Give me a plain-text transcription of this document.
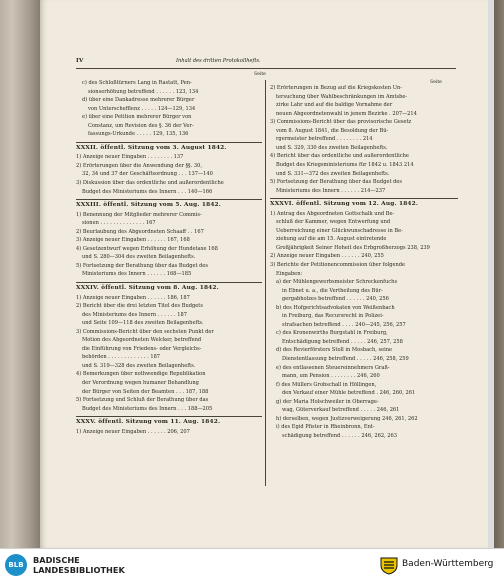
IV	Inhalt des dritten Protokollhefts.
Seite
Seite
c) des Schloßtürners Lang in Rastatt, Pen-
sionserhöhung betreffend . . . . . . 123, 134
d) über eine Dankadresse mehrerer Bürger
von Unterschefflenz . . . . . 124—129, 134
e) über eine Petition mehrerer Bürger von
Constanz, um Revision des §. 36 der Ver-
fassungs-Urkunde . . . . . 129, 135, 136
XXXII. öffentl. Sitzung vom 3. August 1842.
1) Anzeige neuer Eingaben . . . . . . . . 137
2) Erörterungen über die Anwendung der §§. 30,
32, 34 und 37 der Geschäftsordnung . . . 137—140
3) Diskussion über das ordentliche und außerordentliche
Budget des Ministeriums des Innern . . . 140—166
XXXIII. öffentl. Sitzung vom 5. Aug. 1842.
1) Benennung der Mitglieder mehrerer Commis-
sionen . . . . . . . . . . . . . . 167
2) Beurlaubung des Abgeordneten Schaaff . . 167
3) Anzeige neuer Eingaben . . . . . . 167, 168
4) Gesetzentwurf wegen Erhöhung der Hundetaxe 168
und S. 280—304 des zweiten Beilagenhefts.
5) Fortsetzung der Berathung über das Budget des
Ministeriums des Innern . . . . . . 168—185
XXXIV. öffentl. Sitzung vom 8. Aug. 1842.
1) Anzeige neuer Eingaben . . . . . . 186, 187
2) Bericht über die drei letzten Titel des Budgets
des Ministeriums des Innern . . . . . . 187
und Seite 109—118 des zweiten Beilagenhefts.
3) Commissions-Bericht über den sechsten Punkt der
Motion des Abgeordneten Welcker, betreffend
die Einführung von Friedens- oder Vergleichs-
behörden . . . . . . . . . . . . . 187
und S. 319—328 des zweiten Beilagenhefts.
4) Bemerkungen über nothwendige Republikation
der Verordnung wegen humaner Behandlung
der Bürger von Seiten der Beamten . . . 187, 188
5) Fortsetzung und Schluß der Berathung über das
Budget des Ministeriums des Innern . . . 188—205
XXXV. öffentl. Sitzung vom 11. Aug. 1842.
1) Anzeige neuer Eingaben . . . . . . 206, 207
2) Erörterungen in Bezug auf die Kriegskosten Un-
tersuchung über Wahlbeschränkungen im Amtsbe-
zirke Lahr und auf die baldige Vornahme der
neuen Abgeordnetenwahl in jenem Bezirke . 207—214
3) Commissions-Bericht über das provisorische Gesetz
vom 8. August 1841, die Besoldung der Bü-
rgermeister betreffend . . . . . . . . 214
und S. 329, 330 des zweiten Beilagenhefts.
4) Bericht über das ordentliche und außerordentliche
Budget des Kriegsministeriums für 1842 u. 1843 214
und S. 331—372 des zweiten Beilagenhefts.
5) Fortsetzung der Berathung über das Budget des
Ministeriums des Innern . . . . . . 214—237
XXXVI. öffentl. Sitzung vom 12. Aug. 1842.
1) Antrag des Abgeordneten Gottschalk und Be-
schluß der Kammer, wegen Entwerfung und
Ueberreichung einer Glückwunschadresse in Be-
ziehung auf die am 15. August eintretende
Großjährigkeit Seiner Hoheit des Erbgroßherzogs 238, 239
2) Anzeige neuer Eingaben . . . . . . 240, 255
3) Berichte der Petitionencommission über folgende
Eingaben:
a) der Mühlengewerbsmeister Schreckenfuchs
in Ebnet u. a., die Vertheilung des Bür-
gergabholzes betreffend . . . . . . 240, 256
b) des Hofgerichtsadvokaten von Weißenbach
in Freiburg, das Recursrecht in Polizei-
strafsachen betreffend . . . . 240—245, 256, 257
c) des Kronenwirths Burgstahl in Freiburg,
Entschädigung betreffend . . . . . 246, 257, 258
d) des Revierförsters Stoll in Mosbach, seine
Dienstentlassung betreffend . . . . . 246, 258, 259
e) des entlassenen Steuereinnehmers Graß-
mann, um Pension . . . . . . . . 246, 260
f) des Müllers Grobschall in Höllingen,
den Verkauf einer Mühle betreffend . 246, 260, 261
g) der Maria Holschweiler in Oberrage-
wag, Güterverkauf betreffend . . . . . 246, 261
h) derselben, wegen Justizverweigerung 246, 261, 262
i) des Egid Pfister in Rheinbronn, Ent-
schädigung betreffend . . . . . . 246, 262, 263
BLB	BADISCHE
LANDESBIBLIOTHEK
Baden-Württemberg
